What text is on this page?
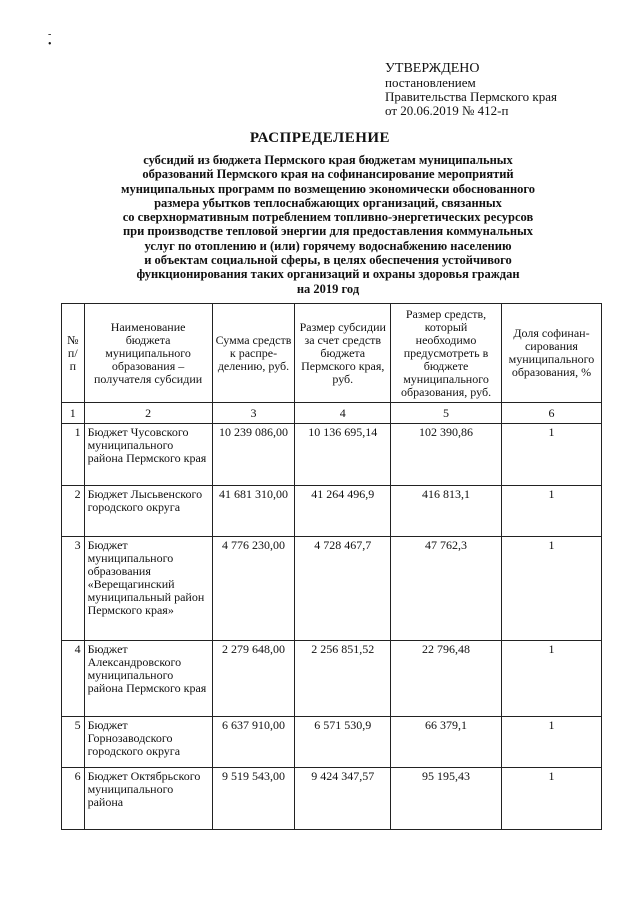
-
•
УТВЕРЖДЕНО
постановлением
Правительства Пермского края
от 20.06.2019 № 412-п
РАСПРЕДЕЛЕНИЕ
субсидий из бюджета Пермского края бюджетам муниципальных
образований Пермского края на софинансирование мероприятий
муниципальных программ по возмещению экономически обоснованного
размера убытков теплоснабжающих организаций, связанных
со сверхнормативным потреблением топливно-энергетических ресурсов
при производстве тепловой энергии для предоставления коммунальных
услуг по отоплению и (или) горячему водоснабжению населению
и объектам социальной сферы, в целях обеспечения устойчивого
функционирования таких организаций и охраны здоровья граждан
на 2019 год
№ п/п	Наименование бюджета муниципального образования – получателя субсидии	Сумма средств к распре-делению, руб.	Размер субсидии за счет средств бюджета Пермского края, руб.	Размер средств, который необходимо предусмотреть в бюджете муниципального образования, руб.	Доля софинан-сирования муниципального образования, %
1	2	3	4	5	6
1	Бюджет Чусовского муниципального района Пермского края	10 239 086,00	10 136 695,14	102 390,86	1
2	Бюджет Лысьвенского городского округа	41 681 310,00	41 264 496,9	416 813,1	1
3	Бюджет муниципального образования «Верещагинский муниципальный район Пермского края»	4 776 230,00	4 728 467,7	47 762,3	1
4	Бюджет Александровского муниципального района Пермского края	2 279 648,00	2 256 851,52	22 796,48	1
5	Бюджет Горнозаводского городского округа	6 637 910,00	6 571 530,9	66 379,1	1
6	Бюджет Октябрьского муниципального района	9 519 543,00	9 424 347,57	95 195,43	1
